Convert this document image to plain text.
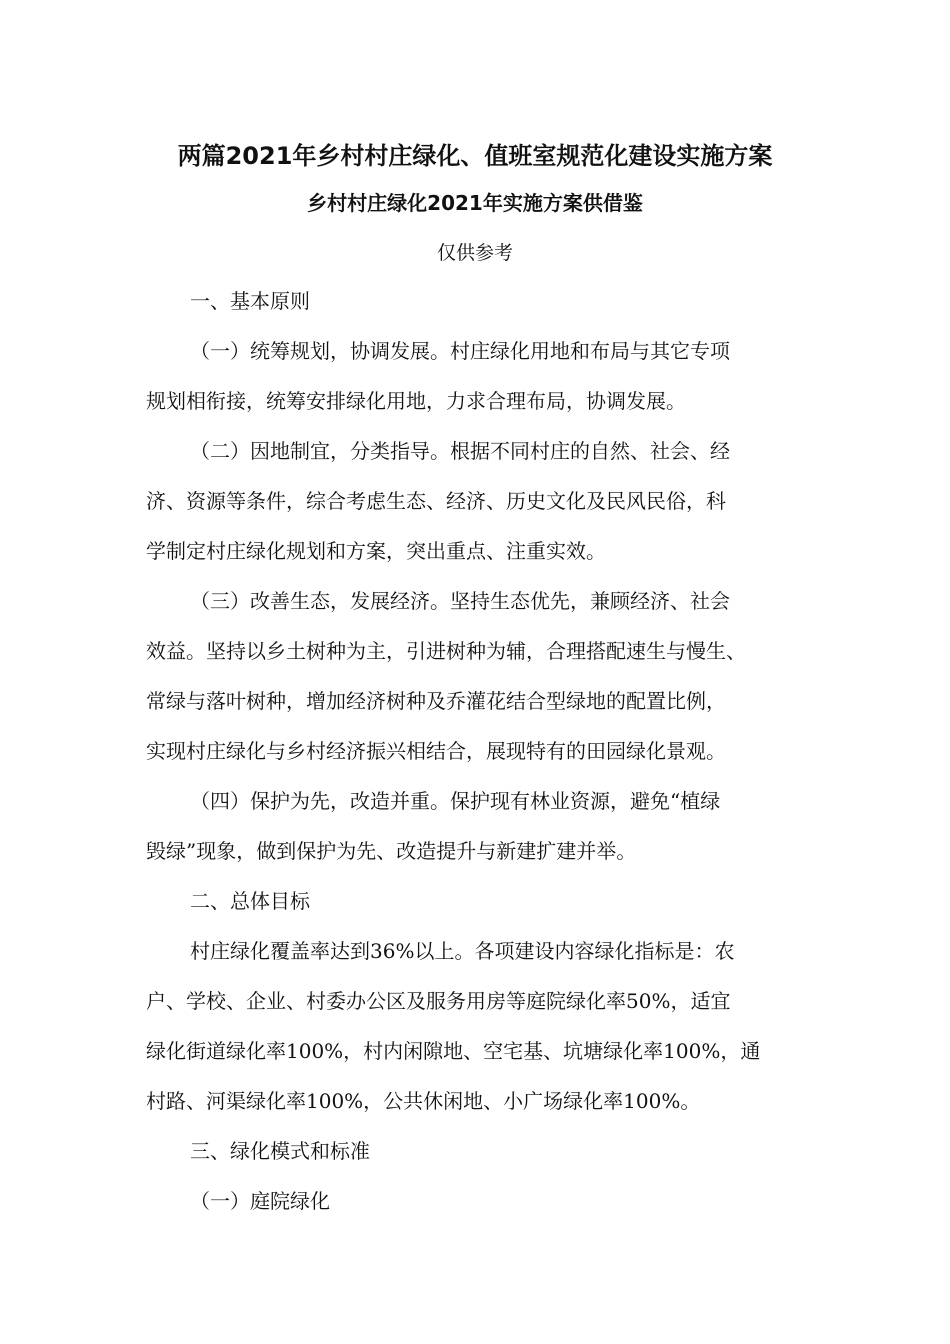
两篇2021年乡村村庄绿化、值班室规范化建设实施方案
乡村村庄绿化2021年实施方案供借鉴
仅供参考
一、基本原则
（一）统筹规划，协调发展。村庄绿化用地和布局与其它专项
规划相衔接，统筹安排绿化用地，力求合理布局，协调发展。
（二）因地制宜，分类指导。根据不同村庄的自然、社会、经
济、资源等条件，综合考虑生态、经济、历史文化及民风民俗，科
学制定村庄绿化规划和方案，突出重点、注重实效。
（三）改善生态，发展经济。坚持生态优先，兼顾经济、社会
效益。坚持以乡土树种为主，引进树种为辅，合理搭配速生与慢生、
常绿与落叶树种，增加经济树种及乔灌花结合型绿地的配置比例，
实现村庄绿化与乡村经济振兴相结合，展现特有的田园绿化景观。
（四）保护为先，改造并重。保护现有林业资源，避免“植绿
毁绿”现象，做到保护为先、改造提升与新建扩建并举。
二、总体目标
村庄绿化覆盖率达到36%以上。各项建设内容绿化指标是：农
户、学校、企业、村委办公区及服务用房等庭院绿化率50%，适宜
绿化街道绿化率100%，村内闲隙地、空宅基、坑塘绿化率100%，通
村路、河渠绿化率100%，公共休闲地、小广场绿化率100%。
三、绿化模式和标准
（一）庭院绿化
